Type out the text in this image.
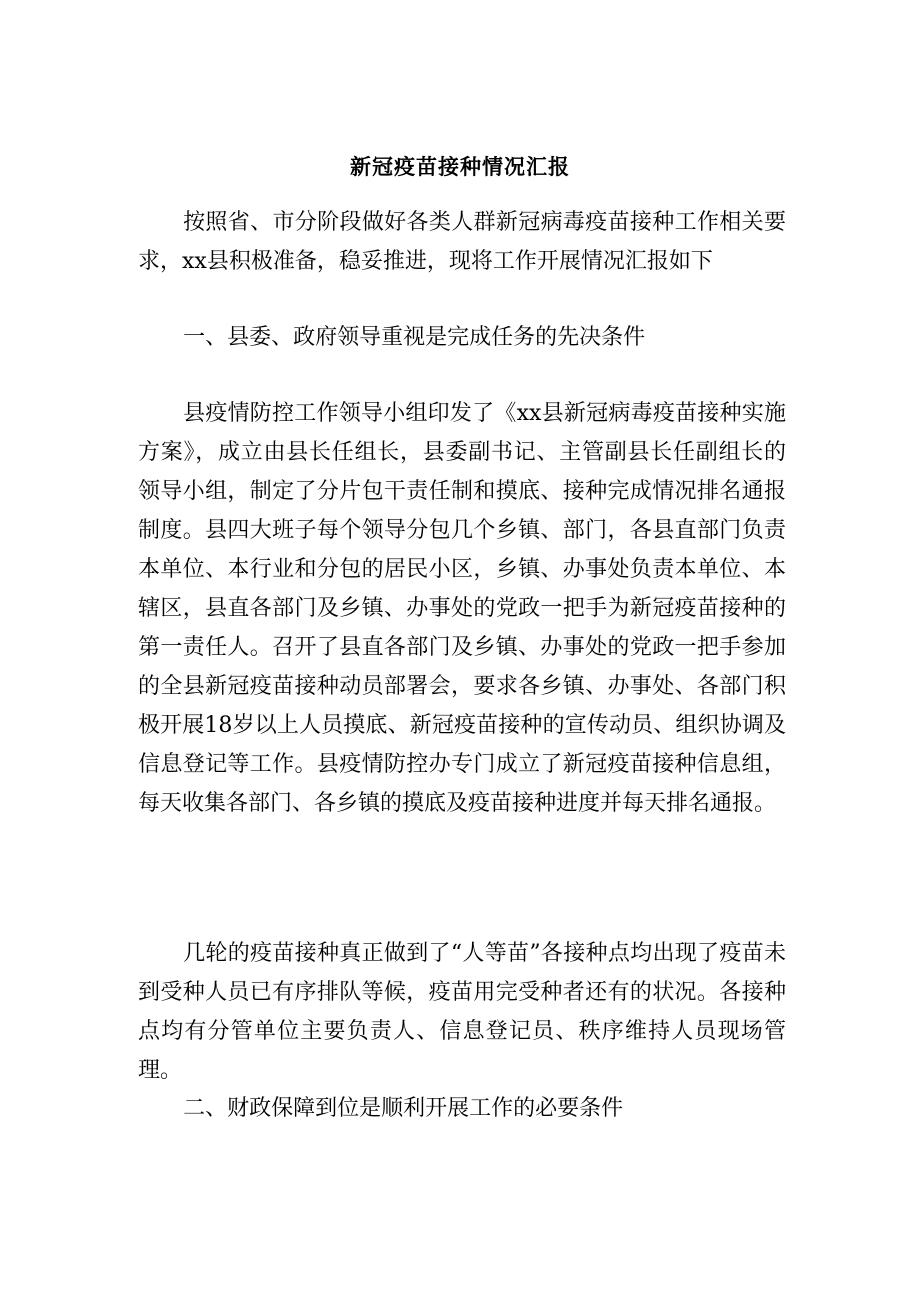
新冠疫苗接种情况汇报

按照省、市分阶段做好各类人群新冠病毒疫苗接种工作相关要求，xx县积极准备，稳妥推进，现将工作开展情况汇报如下

一、县委、政府领导重视是完成任务的先决条件

县疫情防控工作领导小组印发了《xx县新冠病毒疫苗接种实施方案》，成立由县长任组长，县委副书记、主管副县长任副组长的领导小组，制定了分片包干责任制和摸底、接种完成情况排名通报制度。县四大班子每个领导分包几个乡镇、部门，各县直部门负责本单位、本行业和分包的居民小区，乡镇、办事处负责本单位、本辖区，县直各部门及乡镇、办事处的党政一把手为新冠疫苗接种的第一责任人。召开了县直各部门及乡镇、办事处的党政一把手参加的全县新冠疫苗接种动员部署会，要求各乡镇、办事处、各部门积极开展18岁以上人员摸底、新冠疫苗接种的宣传动员、组织协调及信息登记等工作。县疫情防控办专门成立了新冠疫苗接种信息组，每天收集各部门、各乡镇的摸底及疫苗接种进度并每天排名通报。

几轮的疫苗接种真正做到了“人等苗”各接种点均出现了疫苗未到受种人员已有序排队等候，疫苗用完受种者还有的状况。各接种点均有分管单位主要负责人、信息登记员、秩序维持人员现场管理。

二、财政保障到位是顺利开展工作的必要条件
